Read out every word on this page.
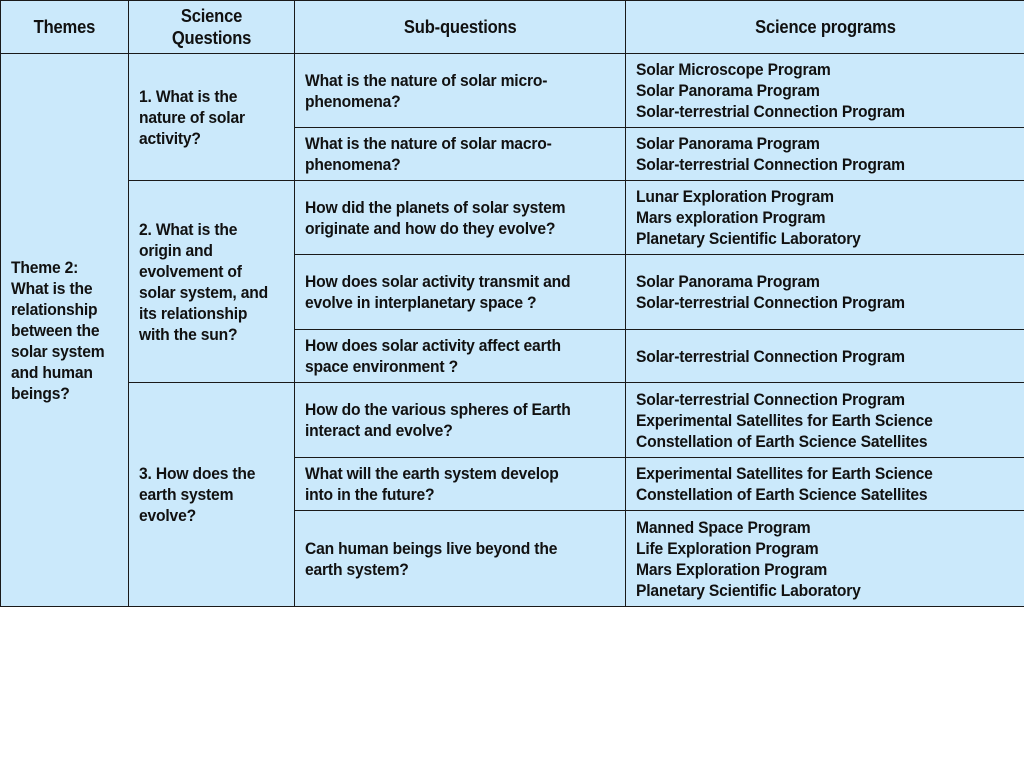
Themes	Science Questions	Sub-questions	Science programs
Theme 2: What is the relationship between the solar system and human beings?	1. What is the nature of solar activity?	What is the nature of solar micro-phenomena?	Solar Microscope Program
Solar Panorama Program
Solar-terrestrial Connection Program

		What is the nature of solar macro-phenomena?	Solar Panorama Program
Solar-terrestrial Connection Program

	2. What is the origin and evolvement of solar system, and its relationship with the sun?	How did the planets of solar system originate and how do they evolve?	Lunar Exploration Program
Mars exploration Program
Planetary Scientific Laboratory

		How does solar activity transmit and evolve in interplanetary space ?	Solar Panorama Program
Solar-terrestrial Connection Program

		How does solar activity affect earth space environment ?	Solar-terrestrial Connection Program

	3. How does the earth system evolve?	How do the various spheres of Earth interact and evolve?	Solar-terrestrial Connection Program
Experimental Satellites for Earth Science
Constellation of Earth Science Satellites

		What will the earth system develop into in the future?	Experimental Satellites for Earth Science
Constellation of Earth Science Satellites

		Can human beings live beyond the earth system?	Manned Space Program
Life Exploration Program
Mars Exploration Program
Planetary Scientific Laboratory
